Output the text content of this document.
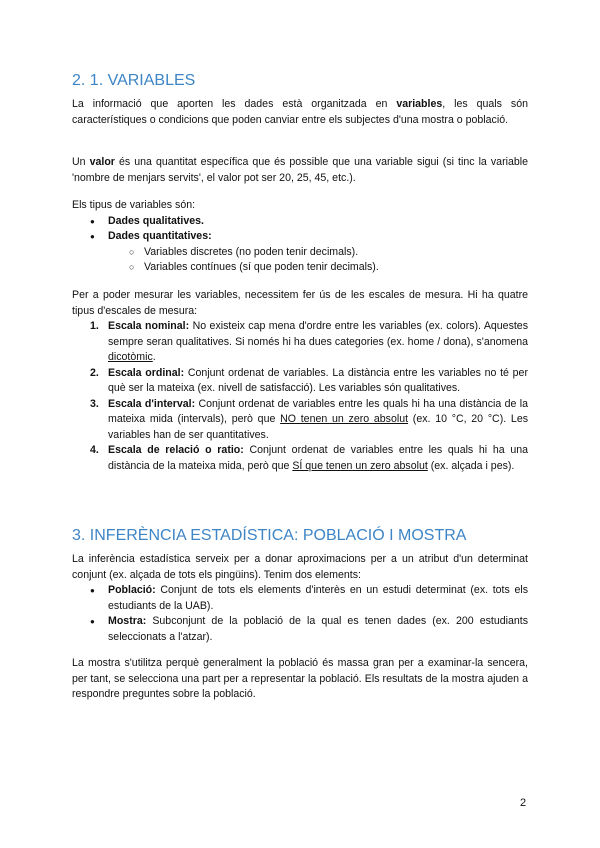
2. 1. VARIABLES

La informació que aporten les dades està organitzada en variables, les quals són característiques o condicions que poden canviar entre els subjectes d'una mostra o població.

Un valor és una quantitat específica que és possible que una variable sigui (si tinc la variable 'nombre de menjars servits', el valor pot ser 20, 25, 45, etc.).

Els tipus de variables són:

● Dades qualitatives.
● Dades quantitatives:
○ Variables discretes (no poden tenir decimals).
○ Variables contínues (sí que poden tenir decimals).

Per a poder mesurar les variables, necessitem fer ús de les escales de mesura. Hi ha quatre tipus d'escales de mesura:

1. Escala nominal: No existeix cap mena d'ordre entre les variables (ex. colors). Aquestes sempre seran qualitatives. Si només hi ha dues categories (ex. home / dona), s'anomena dicotòmic.
2. Escala ordinal: Conjunt ordenat de variables. La distància entre les variables no té per què ser la mateixa (ex. nivell de satisfacció). Les variables són qualitatives.
3. Escala d'interval: Conjunt ordenat de variables entre les quals hi ha una distància de la mateixa mida (intervals), però que NO tenen un zero absolut (ex. 10 °C, 20 °C). Les variables han de ser quantitatives.
4. Escala de relació o ratio: Conjunt ordenat de variables entre les quals hi ha una distància de la mateixa mida, però que SÍ que tenen un zero absolut (ex. alçada i pes).
3. INFERÈNCIA ESTADÍSTICA: POBLACIÓ I MOSTRA

La inferència estadística serveix per a donar aproximacions per a un atribut d'un determinat conjunt (ex. alçada de tots els pingüins). Tenim dos elements:

● Població: Conjunt de tots els elements d'interès en un estudi determinat (ex. tots els estudiants de la UAB).
● Mostra: Subconjunt de la població de la qual es tenen dades (ex. 200 estudiants seleccionats a l'atzar).

La mostra s'utilitza perquè generalment la població és massa gran per a examinar-la sencera, per tant, se selecciona una part per a representar la població. Els resultats de la mostra ajuden a respondre preguntes sobre la població.

2
